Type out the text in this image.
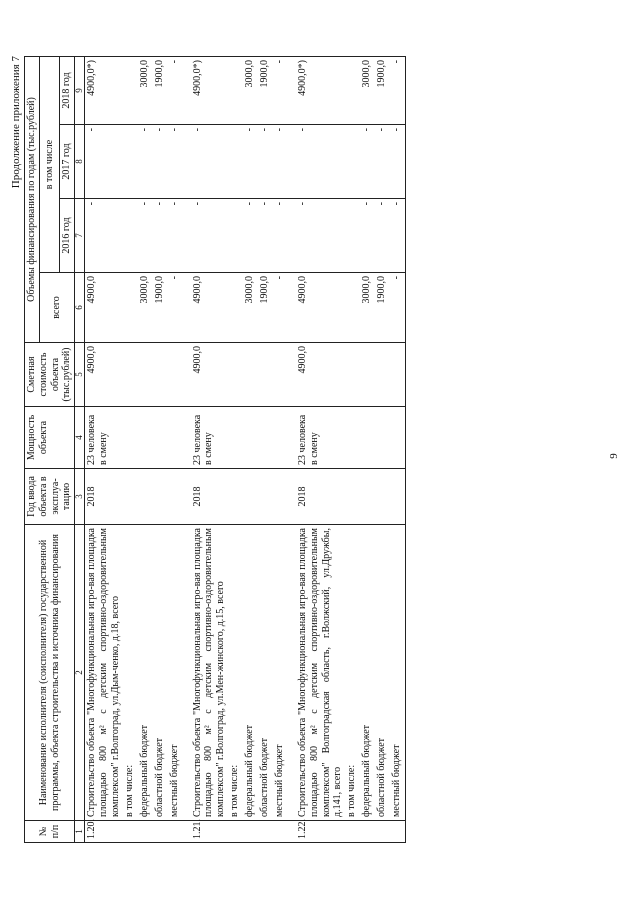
9
Продолжение приложения 7
№ п/п	Наименование исполнителя (соисполнителя) государственной программы, объекта строительства и источника финансирования	Год ввода объекта в эксплуа-тацию	Мощность объекта	Сметная стоимость объекта (тыс.рублей)	Объемы финансирования по годам (тыс.рублей)			
					всего	в том числе		
						2016 год	2017 год	2018 год
1	2	3	4	5	6	7	8	9
1.20.	Строительство объекта "Многофункциональная игро-вая площадка площадью 800 м² с детским спортивно-оздоровительным комплексом" г.Волгоград, ул.Дым-ченко, д.18, всего	2018	23 человека в смену	4900,0	4900,0	-	-	4900,0*)
	в том числе:							
	федеральный бюджет				3000,0	-	-	3000,0
	областной бюджет				1900,0	-	-	1900,0
	местный бюджет				-	-	-	-

1.21.	Строительство объекта "Многофункциональная игро-вая площадка площадью 800 м² с детским спортивно-оздоровительным комплексом" г.Волгоград, ул.Мен-жинского, д.15, всего	2018	23 человека в смену	4900,0	4900,0	-	-	4900,0*)
	в том числе:							
	федеральный бюджет				3000,0	-	-	3000,0
	областной бюджет				1900,0	-	-	1900,0
	местный бюджет				-	-	-	-

1.22.	Строительство объекта "Многофункциональная игро-вая площадка площадью 800 м² с детским спортивно-оздоровительным комплексом" Волгоградская область, г.Волжский, ул.Дружбы, д.141, всего	2018	23 человека в смену	4900,0	4900,0	-	-	4900,0*)
	в том числе:							
	федеральный бюджет				3000,0	-	-	3000,0
	областной бюджет				1900,0	-	-	1900,0
	местный бюджет				-	-	-	-
